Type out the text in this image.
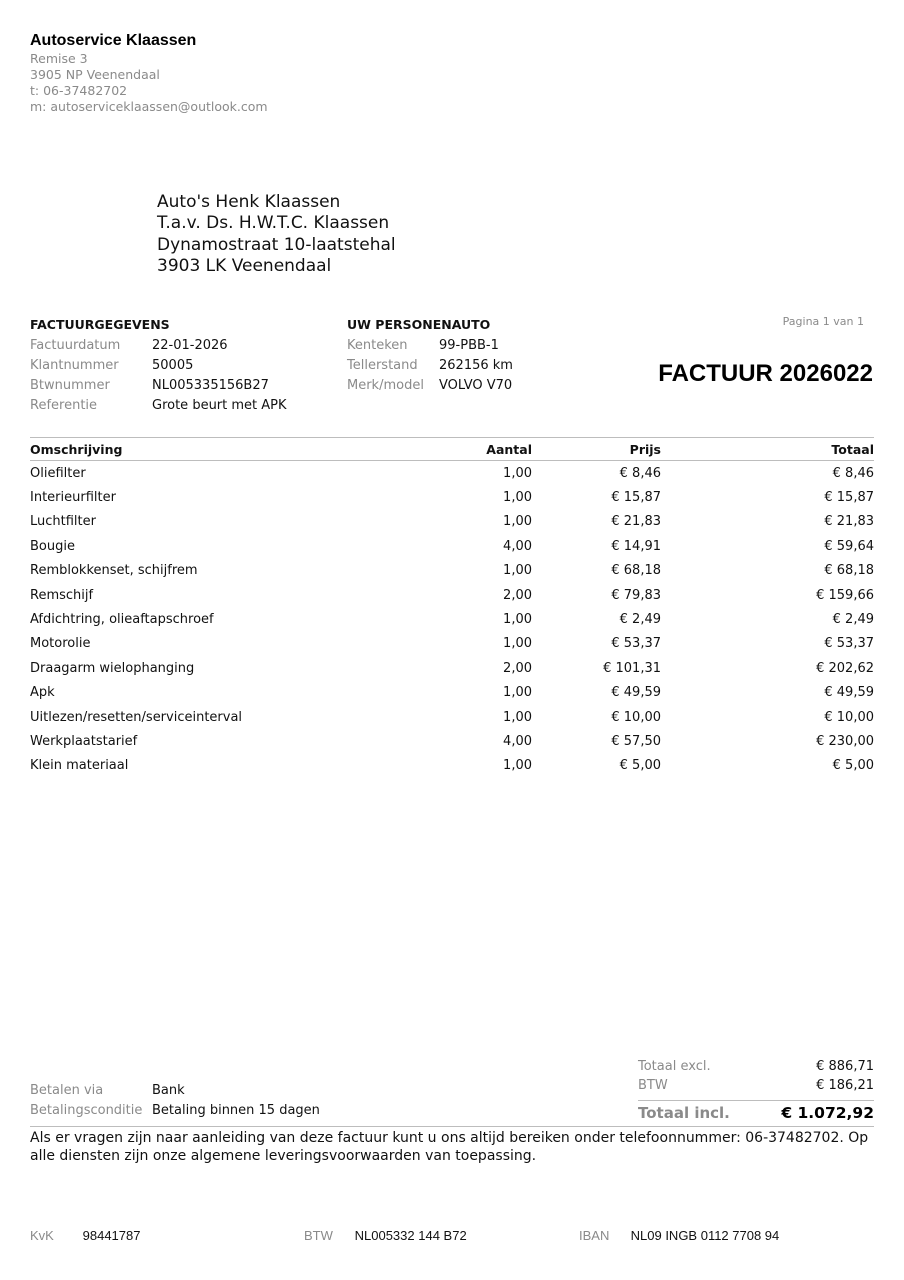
Autoservice Klaassen
Remise 3
3905 NP Veenendaal
t: 06-37482702
m: autoserviceklaassen@outlook.com
Auto's Henk Klaassen
T.a.v. Ds. H.W.T.C. Klaassen
Dynamostraat 10-laatstehal
3903 LK Veenendaal
FACTUURGEGEVENS
Factuurdatum	22-01-2026
Klantnummer	50005
Btwnummer	NL005335156B27
Referentie	Grote beurt met APK
UW PERSONENAUTO
Kenteken	99-PBB-1
Tellerstand	262156 km
Merk/model	VOLVO V70
Pagina 1 van 1
FACTUUR 2026022
Omschrijving	Aantal	Prijs	Totaal
Oliefilter	1,00	€ 8,46	€ 8,46
Interieurfilter	1,00	€ 15,87	€ 15,87
Luchtfilter	1,00	€ 21,83	€ 21,83
Bougie	4,00	€ 14,91	€ 59,64
Remblokkenset, schijfrem	1,00	€ 68,18	€ 68,18
Remschijf	2,00	€ 79,83	€ 159,66
Afdichtring, olieaftapschroef	1,00	€ 2,49	€ 2,49
Motorolie	1,00	€ 53,37	€ 53,37
Draagarm wielophanging	2,00	€ 101,31	€ 202,62
Apk	1,00	€ 49,59	€ 49,59
Uitlezen/resetten/serviceinterval	1,00	€ 10,00	€ 10,00
Werkplaatstarief	4,00	€ 57,50	€ 230,00
Klein materiaal	1,00	€ 5,00	€ 5,00
Betalen via	Bank
Betalingsconditie Betaling binnen 15 dagen
Totaal excl.	€ 886,71
BTW	€ 186,21
Totaal incl.	€ 1.072,92
Als er vragen zijn naar aanleiding van deze factuur kunt u ons altijd bereiken onder telefoonnummer: 06-37482702. Op alle diensten zijn onze algemene leveringsvoorwaarden van toepassing.
KvK 98441787	BTW NL005332 144 B72	IBAN NL09 INGB 0112 7708 94
